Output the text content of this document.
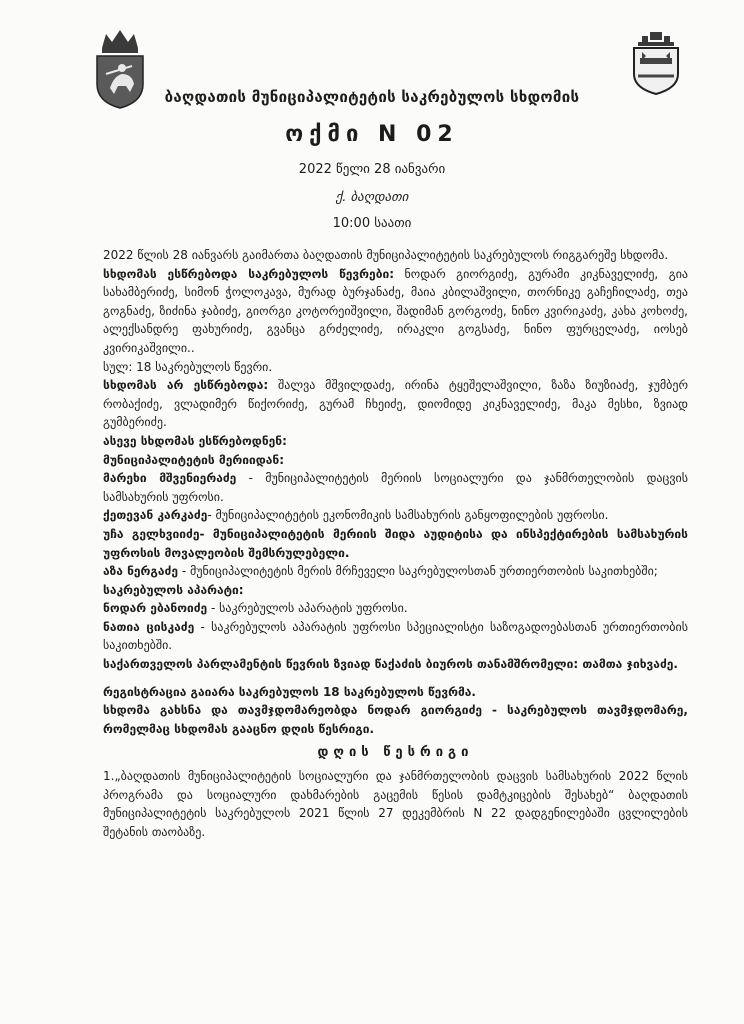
ბაღდათის მუნიციპალიტეტის საკრებულოს სხდომის
ოქმი N 02
2022 წელი 28 იანვარი
ქ. ბაღდათი
10:00 საათი

2022 წლის 28 იანვარს გაიმართა ბაღდათის მუნიციპალიტეტის საკრებულოს რიგგარეშე სხდომა.

სხდომას ესწრებოდა საკრებულოს წევრები: ნოდარ გიორგიძე, გურამი კიკნაველიძე, გია სახამბერიძე, სიმონ ჭოლოკავა, მურად ბურჯანაძე, მაია კბილაშვილი, თორნიკე გაჩეჩილაძე, თეა გოგნაძე, ზიძინა ჯაბიძე, გიორგი კოტორეიშვილი, შადიმან გორგოძე, ნინო კვირიკაძე, კახა კოხოძე, ალექსანდრე ფახურიძე, გვანცა გრძელიძე, ირაკლი გოგსაძე, ნინო ფურცელაძე, იოსებ კვირიკაშვილი..

სულ: 18 საკრებულოს წევრი.

სხდომას არ ესწრებოდა: შალვა მშვილდაძე, ირინა ტყეშელაშვილი, ზაზა ზიუზიაძე, ჯუმბერ რობაქიძე, ვლადიმერ წიქორიძე, გურამ ჩხეიძე, დიომიდე კიკნაველიძე, მაკა მესხი, ზვიად გუმბერიძე.

ასევე სხდომას ესწრებოდნენ:

მუნიციპალიტეტის მერიიდან:

მარეხი მშვენიერაძე - მუნიციპალიტეტის მერიის სოციალური და ჯანმრთელობის დაცვის სამსახურის უფროსი.

ქეთევან კარკაძე- მუნიციპალიტეტის ეკონომიკის სამსახურის განყოფილების უფროსი.

უჩა გელხვიიძე- მუნიციპალიტეტის მერიის შიდა აუდიტისა და ინსპექტირების სამსახურის უფროსის მოვალეობის შემსრულებელი.

აზა ნერგაძე - მუნიციპალიტეტის მერის მრჩეველი საკრებულოსთან ურთიერთობის საკითხებში;

საკრებულოს აპარატი:

ნოდარ ებანოიძე - საკრებულოს აპარატის უფროსი.

ნათია ცისკაძე - საკრებულოს აპარატის უფროსი სპეციალისტი საზოგადოებასთან ურთიერთობის საკითხებში.

საქართველოს პარლამენტის წევრის ზვიად წაქაძის ბიუროს თანამშრომელი: თამთა ჯიხვაძე.

რეგისტრაცია გაიარა საკრებულოს 18 საკრებულოს წევრმა.

სხდომა გახსნა და თავმჯდომარეობდა ნოდარ გიორგიძე - საკრებულოს თავმჯდომარე, რომელმაც სხდომას გააცნო დღის წესრიგი.

დღის წესრიგი

1.„ბაღდათის მუნიციპალიტეტის სოციალური და ჯანმრთელობის დაცვის სამსახურის 2022 წლის პროგრამა და სოციალური დახმარების გაცემის წესის დამტკიცების შესახებ“ ბაღდათის მუნიციპალიტეტის საკრებულოს 2021 წლის 27 დეკემბრის N 22 დადგენილებაში ცვლილების შეტანის თაობაზე.
